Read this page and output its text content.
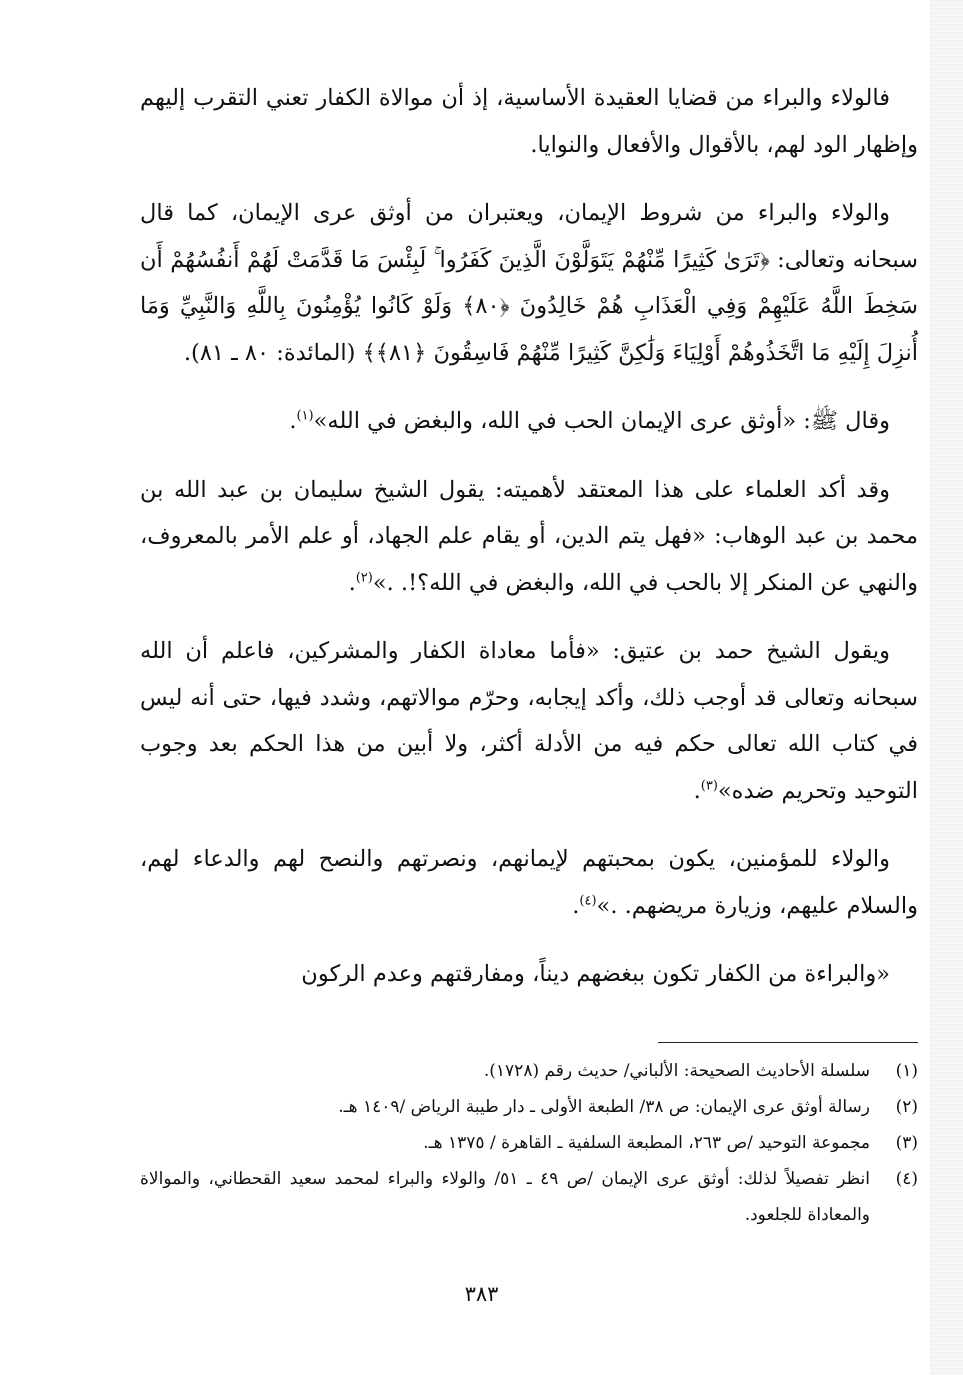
فالولاء والبراء من قضايا العقيدة الأساسية، إذ أن موالاة الكفار تعني التقرب إليهم وإظهار الود لهم، بالأقوال والأفعال والنوايا.

والولاء والبراء من شروط الإيمان، ويعتبران من أوثق عرى الإيمان، كما قال سبحانه وتعالى: ﴿تَرَىٰ كَثِيرًا مِّنْهُمْ يَتَوَلَّوْنَ الَّذِينَ كَفَرُوا ۚ لَبِئْسَ مَا قَدَّمَتْ لَهُمْ أَنفُسُهُمْ أَن سَخِطَ اللَّهُ عَلَيْهِمْ وَفِي الْعَذَابِ هُمْ خَالِدُونَ ﴿٨٠﴾ وَلَوْ كَانُوا يُؤْمِنُونَ بِاللَّهِ وَالنَّبِيِّ وَمَا أُنزِلَ إِلَيْهِ مَا اتَّخَذُوهُمْ أَوْلِيَاءَ وَلَٰكِنَّ كَثِيرًا مِّنْهُمْ فَاسِقُونَ ﴿٨١﴾﴾ (المائدة: ٨٠ ـ ٨١).

وقال ﷺ: «أوثق عرى الإيمان الحب في الله، والبغض في الله»$^{(١)}$.

وقد أكد العلماء على هذا المعتقد لأهميته: يقول الشيخ سليمان بن عبد الله بن محمد بن عبد الوهاب: «فهل يتم الدين، أو يقام علم الجهاد، أو علم الأمر بالمعروف، والنهي عن المنكر إلا بالحب في الله، والبغض في الله؟!. .»$^{(٢)}$.

ويقول الشيخ حمد بن عتيق: «فأما معاداة الكفار والمشركين، فاعلم أن الله سبحانه وتعالى قد أوجب ذلك، وأكد إيجابه، وحرّم موالاتهم، وشدد فيها، حتى أنه ليس في كتاب الله تعالى حكم فيه من الأدلة أكثر، ولا أبين من هذا الحكم بعد وجوب التوحيد وتحريم ضده»$^{(٣)}$.

والولاء للمؤمنين، يكون بمحبتهم لإيمانهم، ونصرتهم والنصح لهم والدعاء لهم، والسلام عليهم، وزيارة مريضهم. .»$^{(٤)}$.

«والبراءة من الكفار تكون ببغضهم ديناً، ومفارقتهم وعدم الركون

(١)
سلسلة الأحاديث الصحيحة: الألباني/ حديث رقم (١٧٢٨).
(٢)
رسالة أوثق عرى الإيمان: ص ٣٨/ الطبعة الأولى ـ دار طيبة الرياض /١٤٠٩ هـ.
(٣)
مجموعة التوحيد /ص ٢٦٣، المطبعة السلفية ـ القاهرة / ١٣٧٥ هـ.
(٤)
انظر تفصيلاً لذلك: أوثق عرى الإيمان /ص ٤٩ ـ ٥١/ والولاء والبراء لمحمد سعيد القحطاني، والموالاة والمعاداة للجلعود.
٣٨٣
